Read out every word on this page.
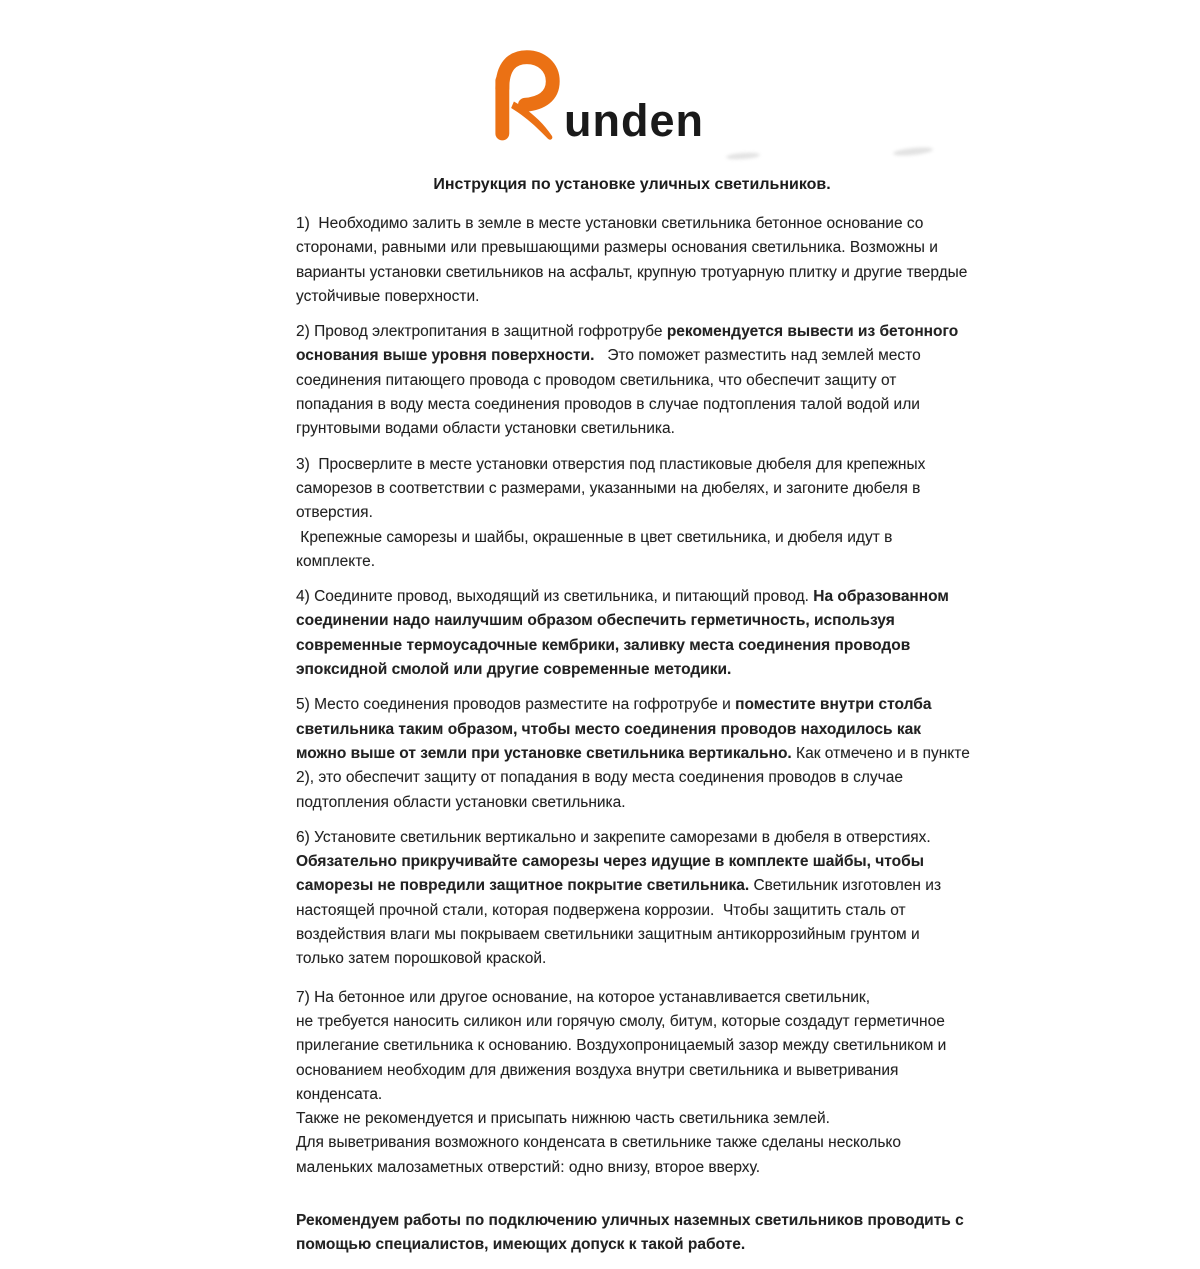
unden
Инструкция по установке уличных светильников.

1)  Необходимо залить в земле в месте установки светильника бетонное основание со сторонами, равными или превышающими размеры основания светильника. Возможны и варианты установки светильников на асфальт, крупную тротуарную плитку и другие твердые устойчивые поверхности.

2) Провод электропитания в защитной гофротрубе рекомендуется вывести из бетонного основания выше уровня поверхности.   Это поможет разместить над землей место соединения питающего провода с проводом светильника, что обеспечит защиту от попадания в воду места соединения проводов в случае подтопления талой водой или грунтовыми водами области установки светильника.

3)  Просверлите в месте установки отверстия под пластиковые дюбеля для крепежных саморезов в соответствии с размерами, указанными на дюбелях, и загоните дюбеля в отверстия.
Крепежные саморезы и шайбы, окрашенные в цвет светильника, и дюбеля идут в комплекте.

4) Соедините провод, выходящий из светильника, и питающий провод. На образованном соединении надо наилучшим образом обеспечить герметичность, используя современные термоусадочные кембрики, заливку места соединения проводов эпоксидной смолой или другие современные методики.

5) Место соединения проводов разместите на гофротрубе и поместите внутри столба светильника таким образом, чтобы место соединения проводов находилось как можно выше от земли при установке светильника вертикально. Как отмечено и в пункте 2), это обеспечит защиту от попадания в воду места соединения проводов в случае подтопления области установки светильника.

6) Установите светильник вертикально и закрепите саморезами в дюбеля в отверстиях. Обязательно прикручивайте саморезы через идущие в комплекте шайбы, чтобы саморезы не повредили защитное покрытие светильника. Светильник изготовлен из настоящей прочной стали, которая подвержена коррозии.  Чтобы защитить сталь от воздействия влаги мы покрываем светильники защитным антикоррозийным грунтом и только затем порошковой краской.

7) На бетонное или другое основание, на которое устанавливается светильник,
не требуется наносить силикон или горячую смолу, битум, которые создадут герметичное прилегание светильника к основанию. Воздухопроницаемый зазор между светильником и основанием необходим для движения воздуха внутри светильника и выветривания конденсата.
Также не рекомендуется и присыпать нижнюю часть светильника землей.
Для выветривания возможного конденсата в светильнике также сделаны несколько маленьких малозаметных отверстий: одно внизу, второе вверху.

Рекомендуем работы по подключению уличных наземных светильников проводить с помощью специалистов, имеющих допуск к такой работе.
